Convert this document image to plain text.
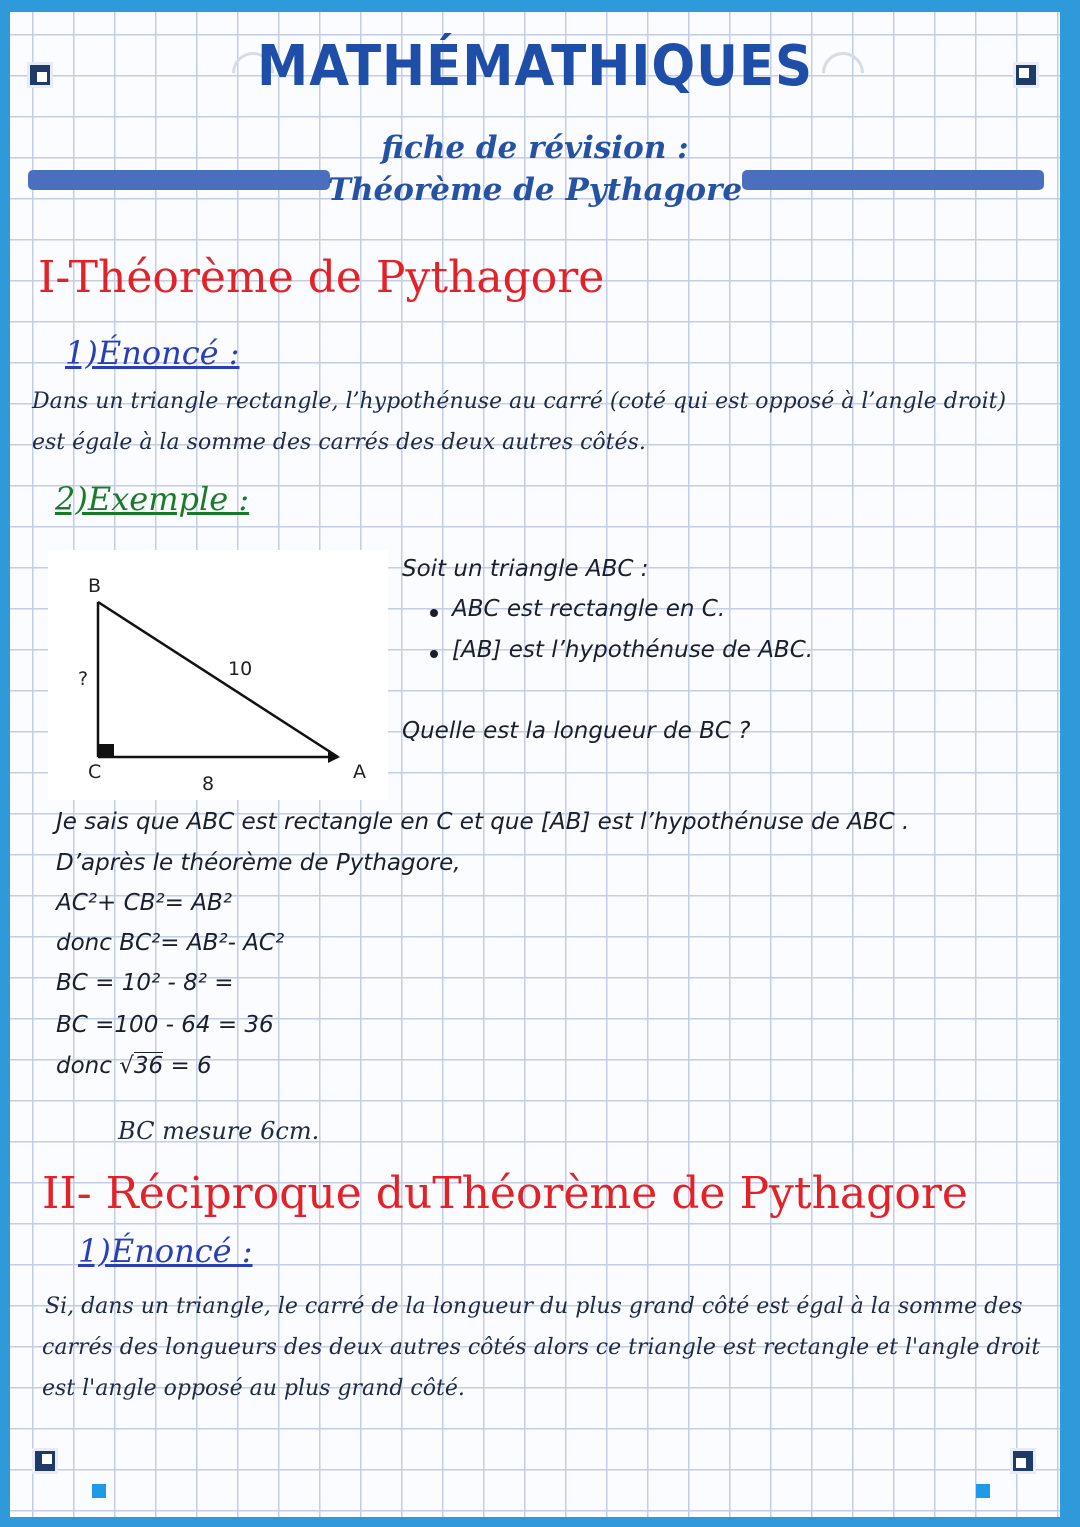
MATHÉMATHIQUES
fiche de révision :
Théorème de Pythagore
I-Théorème de Pythagore
1)Énoncé :
Dans un triangle rectangle, l’hypothénuse au carré (coté qui est opposé à l’angle droit)
est égale à la somme des carrés des deux autres côtés.
2)Exemple :
B
C	A
10
8
?
Soit un triangle ABC :
ABC est rectangle en C.
[AB] est l’hypothénuse de ABC.
Quelle est la longueur de BC ?
Je sais que ABC est rectangle en C et que [AB] est l’hypothénuse de ABC .
D’après le théorème de Pythagore,
AC²+ CB²= AB²
donc BC²= AB²- AC²
BC = 10² - 8² =
BC =100 - 64 = 36
donc √36 = 6
BC mesure 6cm.
II- Réciproque duThéorème de Pythagore
1)Énoncé :
Si, dans un triangle, le carré de la longueur du plus grand côté est égal à la somme des
carrés des longueurs des deux autres côtés alors ce triangle est rectangle et l'angle droit
est l'angle opposé au plus grand côté.
